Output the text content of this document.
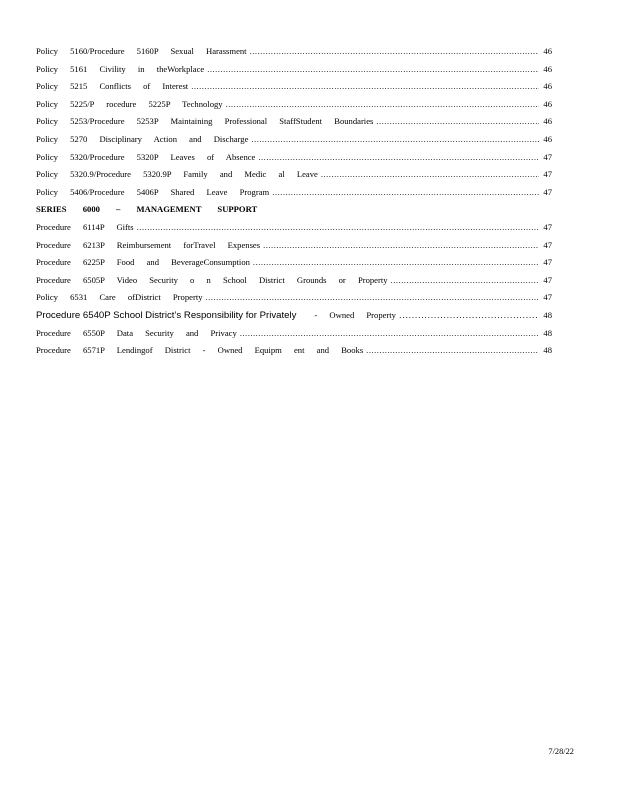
Policy 5160/Procedure 5160P Sexual Harassment .....	46
Policy 5161 Civility in theWorkplace .....	46
Policy 5215 Conflicts of Interest .....	46
Policy 5225/P rocedure 5225P Technology .....	46
Policy 5253/Procedure 5253P Maintaining Professional StaffStudent Boundaries .....	46
Policy 5270 Disciplinary Action and Discharge .....	46
Policy 5320/Procedure 5320P Leaves of Absence .....	47
Policy 5320.9/Procedure 5320.9P Family and Medic al Leave .....	47
Policy 5406/Procedure 5406P Shared Leave Program .....	47
SERIES 6000 – MANAGEMENT SUPPORT
Procedure 6114P Gifts .....	47
Procedure 6213P Reimbursement forTravel Expenses .....	47
Procedure 6225P Food and BeverageConsumption .....	47
Procedure 6505P Video Security o n School District Grounds or Property .....	47
Policy 6531 Care ofDistrict Property .....	47
Procedure 6540P School District’s Responsibility for Privately - Owned Property .....	48
Procedure 6550P Data Security and Privacy .....	48
Procedure 6571P Lendingof District - Owned Equipm ent and Books .....	48
7/28/22
